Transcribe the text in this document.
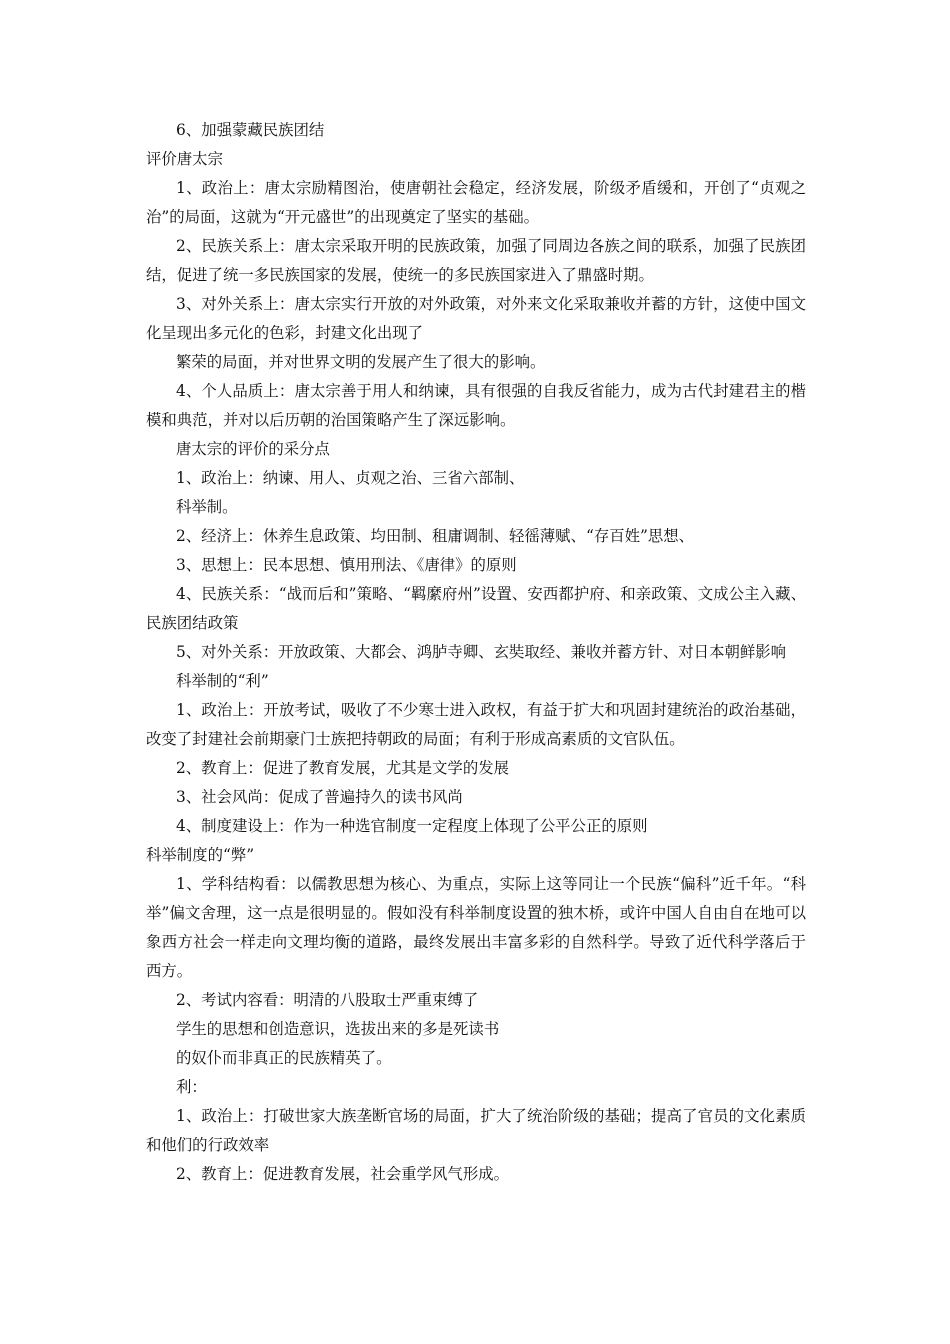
6、加强蒙藏民族团结
评价唐太宗
1、政治上：唐太宗励精图治，使唐朝社会稳定，经济发展，阶级矛盾缓和，开创了“贞观之治”的局面，这就为“开元盛世”的出现奠定了坚实的基础。
2、民族关系上：唐太宗采取开明的民族政策，加强了同周边各族之间的联系，加强了民族团结，促进了统一多民族国家的发展，使统一的多民族国家进入了鼎盛时期。
3、对外关系上：唐太宗实行开放的对外政策，对外来文化采取兼收并蓄的方针，这使中国文化呈现出多元化的色彩，封建文化出现了
繁荣的局面，并对世界文明的发展产生了很大的影响。
4、个人品质上：唐太宗善于用人和纳谏，具有很强的自我反省能力，成为古代封建君主的楷模和典范，并对以后历朝的治国策略产生了深远影响。
唐太宗的评价的采分点
1、政治上：纳谏、用人、贞观之治、三省六部制、
科举制。
2、经济上：休养生息政策、均田制、租庸调制、轻徭薄赋、“存百姓”思想、
3、思想上：民本思想、慎用刑法、《唐律》的原则
4、民族关系：“战而后和”策略、“羁縻府州”设置、安西都护府、和亲政策、文成公主入藏、民族团结政策
5、对外关系：开放政策、大都会、鸿胪寺卿、玄奘取经、兼收并蓄方针、对日本朝鲜影响
科举制的“利”
1、政治上：开放考试，吸收了不少寒士进入政权，有益于扩大和巩固封建统治的政治基础，改变了封建社会前期豪门士族把持朝政的局面；有利于形成高素质的文官队伍。
2、教育上：促进了教育发展，尤其是文学的发展
3、社会风尚：促成了普遍持久的读书风尚
4、制度建设上：作为一种选官制度一定程度上体现了公平公正的原则
科举制度的“弊”
1、学科结构看：以儒教思想为核心、为重点，实际上这等同让一个民族“偏科”近千年。“科举”偏文舍理，这一点是很明显的。假如没有科举制度设置的独木桥，或许中国人自由自在地可以象西方社会一样走向文理均衡的道路，最终发展出丰富多彩的自然科学。导致了近代科学落后于西方。
2、考试内容看：明清的八股取士严重束缚了
学生的思想和创造意识，选拔出来的多是死读书
的奴仆而非真正的民族精英了。
利：
1、政治上：打破世家大族垄断官场的局面，扩大了统治阶级的基础；提高了官员的文化素质和他们的行政效率
2、教育上：促进教育发展，社会重学风气形成。
